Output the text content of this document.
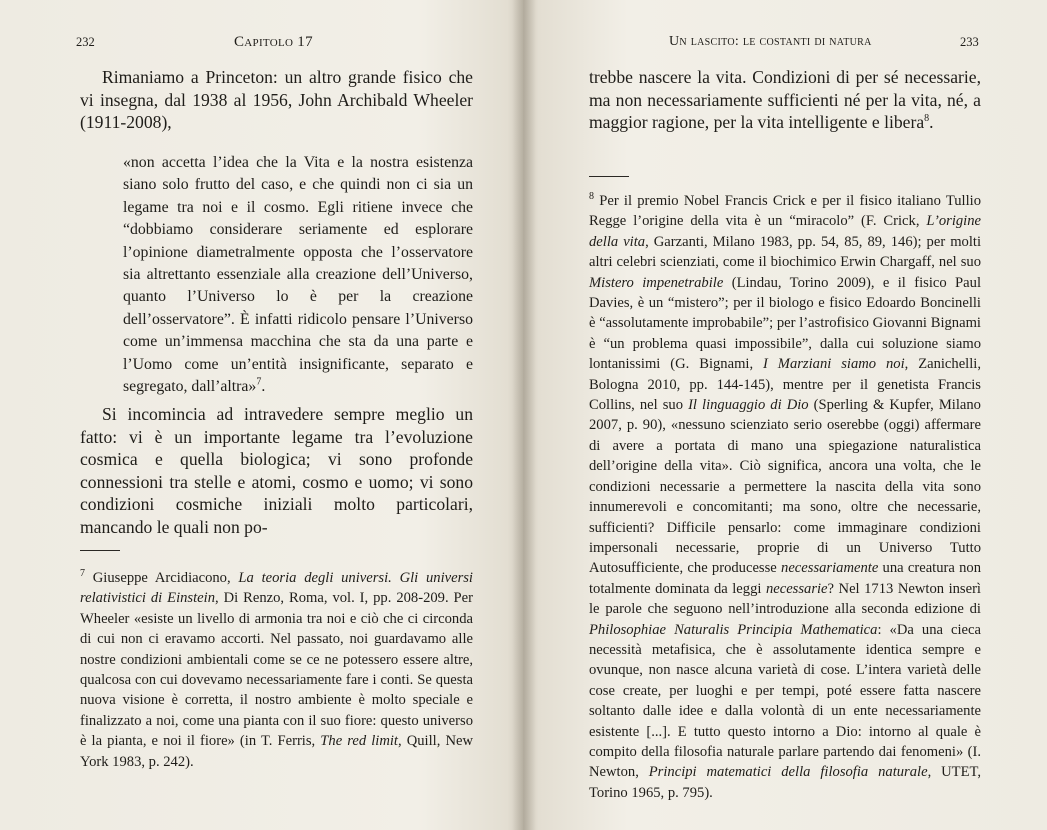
232	Capitolo 17
Rimaniamo a Princeton: un altro grande fisico che vi insegna, dal 1938 al 1956, John Archibald Wheeler (1911-2008),
«non accetta l’idea che la Vita e la nostra esistenza siano solo frutto del caso, e che quindi non ci sia un legame tra noi e il cosmo. Egli ritiene invece che “dobbiamo considerare seriamente ed esplorare l’opinione diametralmente opposta che l’osservatore sia altrettanto essenziale alla creazione dell’Universo, quanto l’Universo lo è per la creazione dell’osservatore”. È infatti ridicolo pensare l’Universo come un’immensa macchina che sta da una parte e l’Uomo come un’entità insignificante, separato e segregato, dall’altra»$^7$.
Si incomincia ad intravedere sempre meglio un fatto: vi è un importante legame tra l’evoluzione cosmica e quella biologica; vi sono profonde connessioni tra stelle e atomi, cosmo e uomo; vi sono condizioni cosmiche iniziali molto particolari, mancando le quali non po-
$^7$ Giuseppe Arcidiacono, La teoria degli universi. Gli universi relativistici di Einstein, Di Renzo, Roma, vol. I, pp. 208-209. Per Wheeler «esiste un livello di armonia tra noi e ciò che ci circonda di cui non ci eravamo accorti. Nel passato, noi guardavamo alle nostre condizioni ambientali come se ce ne potessero essere altre, qualcosa con cui dovevamo necessariamente fare i conti. Se questa nuova visione è corretta, il nostro ambiente è molto speciale e finalizzato a noi, come una pianta con il suo fiore: questo universo è la pianta, e noi il fiore» (in T. Ferris, The red limit, Quill, New York 1983, p. 242).
Un lascito: le costanti di natura	233
trebbe nascere la vita. Condizioni di per sé necessarie, ma non necessariamente sufficienti né per la vita, né, a maggior ragione, per la vita intelligente e libera$^8$.
$^8$ Per il premio Nobel Francis Crick e per il fisico italiano Tullio Regge l’origine della vita è un “miracolo” (F. Crick, L’origine della vita, Garzanti, Milano 1983, pp. 54, 85, 89, 146); per molti altri celebri scienziati, come il biochimico Erwin Chargaff, nel suo Mistero impenetrabile (Lindau, Torino 2009), e il fisico Paul Davies, è un “mistero”; per il biologo e fisico Edoardo Boncinelli è “assolutamente improbabile”; per l’astrofisico Giovanni Bignami è “un problema quasi impossibile”, dalla cui soluzione siamo lontanissimi (G. Bignami, I Marziani siamo noi, Zanichelli, Bologna 2010, pp. 144-145), mentre per il genetista Francis Collins, nel suo Il linguaggio di Dio (Sperling & Kupfer, Milano 2007, p. 90), «nessuno scienziato serio oserebbe (oggi) affermare di avere a portata di mano una spiegazione naturalistica dell’origine della vita». Ciò significa, ancora una volta, che le condizioni necessarie a permettere la nascita della vita sono innumerevoli e concomitanti; ma sono, oltre che necessarie, sufficienti? Difficile pensarlo: come immaginare condizioni impersonali necessarie, proprie di un Universo Tutto Autosufficiente, che producesse necessariamente una creatura non totalmente dominata da leggi necessarie? Nel 1713 Newton inserì le parole che seguono nell’introduzione alla seconda edizione di Philosophiae Naturalis Principia Mathematica: «Da una cieca necessità metafisica, che è assolutamente identica sempre e ovunque, non nasce alcuna varietà di cose. L’intera varietà delle cose create, per luoghi e per tempi, poté essere fatta nascere soltanto dalle idee e dalla volontà di un ente necessariamente esistente [...]. E tutto questo intorno a Dio: intorno al quale è compito della filosofia naturale parlare partendo dai fenomeni» (I. Newton, Principi matematici della filosofia naturale, UTET, Torino 1965, p. 795).
